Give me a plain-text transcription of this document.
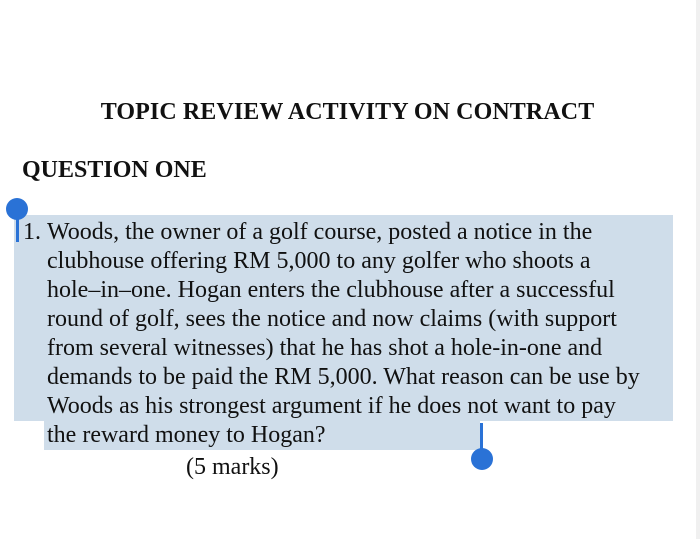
TOPIC REVIEW ACTIVITY ON CONTRACT
QUESTION ONE
1. Woods, the owner of a golf course, posted a notice in the
clubhouse offering RM 5,000 to any golfer who shoots a
hole–in–one. Hogan enters the clubhouse after a successful
round of golf, sees the notice and now claims (with support
from several witnesses) that he has shot a hole-in-one and
demands to be paid the RM 5,000. What reason can be use by
Woods as his strongest argument if he does not want to pay
the reward money to Hogan?
(5 marks)
